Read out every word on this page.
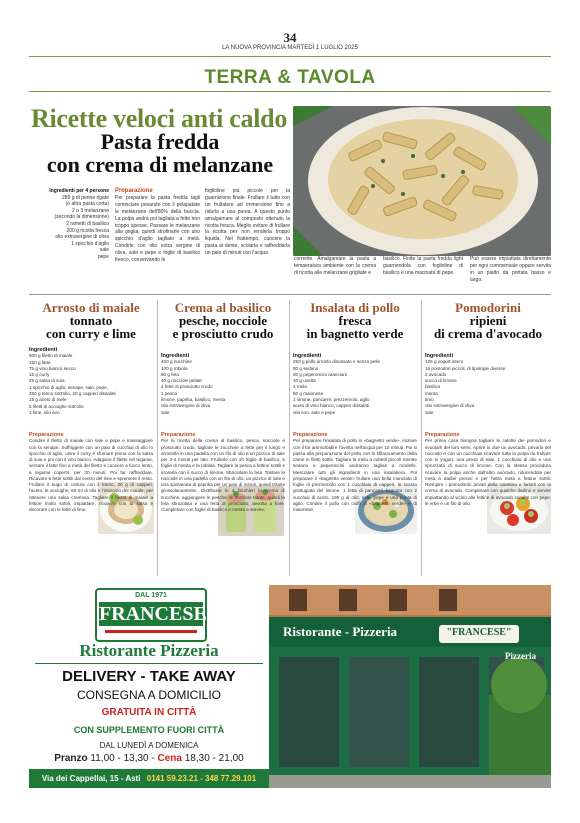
34
LA NUOVA PROVINCIA MARTEDÌ 1 LUGLIO 2025
TERRA & TAVOLA
Ricette veloci anti caldo
Pasta fredda
con crema di melanzane
Ingredienti per 4 persone
280 g di penne rigate
(o altra pasta corta)
2 o 3 melanzane
(secondo la dimensione)
2 rametti di basilico
200 g ricotta fresca
olio extravergine di oliva
1 spicchio d'aglio
sale
pepe
Preparazione
Per preparare la pasta fredda tagli cominciare pesando con il pelapatate le melanzane dell'80% della buccia. La polpa andrà poi tagliata a fette non troppo spesse. Passare le melanzane alla griglia, quindi strofinarle con uno spicchio d'aglio tagliato a metà. Condirle con olio extra vergine di oliva, sale e pepe e foglie di basilico fresco, conservando le
foglioline più piccole per la guarnizione finale. Frullare il tutto con un frullatore ad immersione fino a ridurlo a una purea. A questo punto amalgamare al composto ottenuto la ricotta fresca. Meglio evitare di frullare la ricotta per non renderla troppo liquida. Nel frattempo, cuocere la pasta al dente, scolarla e raffreddarla un paio di minuti con l'acqua
corrente. Amalgamare la pasta a temperatura ambiente con la crema di ricotta alle melanzane grigliate e
basilico. Finite la pasta fredda light guarnendola con foglioline di basilico e una macinata di pepe.
Può essere impiattata direttamente per ogni commensale oppure servita in un piatto da portata basso e largo.
Arrosto di maiale
tonnato
con curry e lime
Ingredienti
600 g filetto di maiale
150 g latte
75 g vino bianco secco
15 g curry
25 g salsa di soia
1 spicchio di aglio, senape, sale, pepe,
250 g tonno sott'olio, 20 g capperi dissalati
15 g aceto di mele
5 filetti di acciughe sott'olio
1 lime, olio evo
Preparazione
Condire il filetto di maiale con sale e pepe e massaggiare con la senape. Soffriggere con un paio di cucchiai di olio lo spicchio di aglio, unire il curry e sfumare prima con la salsa di soia e poi con il vino bianco. Adagiare il filetto nel tegame, versare il latte fino a metà del filetto e cuocere a fuoco lento, a tegame coperto, per 30 minuti. Poi far raffreddare. Ricavare 6 fette sottili dal centro del lime e spremere il resto. Frullare il sugo di cottura con il tonno, 20 g di capperi, l'aceto, le acciughe, 60 ml di olio e l'intingolo del maiale, per ottenere una salsa cremosa. Tagliare il filetto di maiale a fettine molto sottili, impiattare, ricoprire con la salsa e decorare con le fette di lime.
Crema al basilico
pesche, nocciole
e prosciutto crudo
Ingredienti
400 g zucchine
100 g robiola
80 g feta
40 g nocciole pelate
4 fette di prosciutto crudo
1 pesca
limone, paprika, basilico, menta
olio extravergine di oliva
sale
Preparazione
Per la ricetta della crema al basilico, pesca, nocciole e prosciutto crudo, tagliare le zucchine a fette per il lungo e arrostirle in una padella con un filo di olio e un pizzico di sale per 3-4 minuti per lato. Frullarle con 10 foglie di basilico, 5 foglie di menta e la robiola. Tagliare la pesca a fettine sottili e irrorarla con il succo di limone. Sbriciolare la feta. Tostare le nocciole in una padella con un filo di olio, un pizzico di sale e una spolverata di paprika per un paio di minuti, quindi tritarle grossolanamente. Distribuire in 4 bicchieri la crema di zucchine, aggiungere le pesche, le nocciole tritate, quindi la feta sbriciolata e una fetta di prosciutto, avvolta a fiore. Completare con foglie di basilico e menta e servire.
Insalata di pollo
fresca
in bagnetto verde
Ingredienti
250 g pollo arrosto disossato e senza pelle
80 g sedano
60 g peperoncini arancioni
10 g uvetta
1 mela
60 g maionese
1 limone, pancarré, prezzemolo, aglio
aceto di vino bianco, capperi dissalati
olio evo, sale e pepe
Preparazione
Per preparare l'insalata di pollo in «bagnetto verde», iniziare con il far ammorbidire l'uvetta nell'acqua per 10 minuti. Poi si passa alla preparazione del pollo con lo sfilacciamento della carne in filetti sottili. Tagliare la mela a cubetti piccoli mentre sedano e peperoncini andranno tagliati a rondelle. Mescolare tutti gli ingredienti in una insalatiera. Poi preparare il «bagnetto verde» frullare una bella manciata di foglie di prezzemolo con 1 cucchiaio di capperi, la scorza grattugiata del limone, 1 fetta di pancarré bagnata con 2 cucchiai di aceto, 180 g di olio, sale, pepe e una punta di aglio. Condire il pollo con ciuffi di «bagnetto verde» e di maionese.
Pomodorini
ripieni
di crema d'avocado
Ingredienti
125 g yogurt intero
16 pomodori piccoli, di tipologie diverse
2 avocado
succo di limone
basilico
menta
timo
olio extravergine di oliva
sale
Preparazione
Per prima cosa bisogna tagliare le calotte dei pomodori e svuotarli del loro semi. Aprire in due un avocado, privarlo del nocciolo e con un cucchiaio ricavare tutta la polpa da frullare con lo yogurt, una presa di sale, 1 cucchiaio di olio e una spruzzata di succo di limone. Con la stessa procedura ricavare la polpa anche dall'altro avocado, riducendola per metà a dadini precisi e per l'altra metà a fettine sottili. Riempire i pomodorini privati della calottina e farcirli con la crema di avocado. Completare con qualche dadino e servire impiattando al vicino alle fettine di avocado condite con pepe, le erbe e un filo di olio.
DAL 1971
FRANCESE
Ristorante Pizzeria
DELIVERY - TAKE AWAY
CONSEGNA A DOMICILIO
GRATUITA IN CITTÀ
CON SUPPLEMENTO FUORI CITTÀ
DAL LUNEDÌ A DOMENICA
Pranzo 11,00 - 13,30 - Cena 18,30 - 21,00
Via dei Cappellai, 15 - Asti 0141 59.23.21 - 348 77.29.101
Ristorante - Pizzeria	"FRANCESE"
Pizzeria
